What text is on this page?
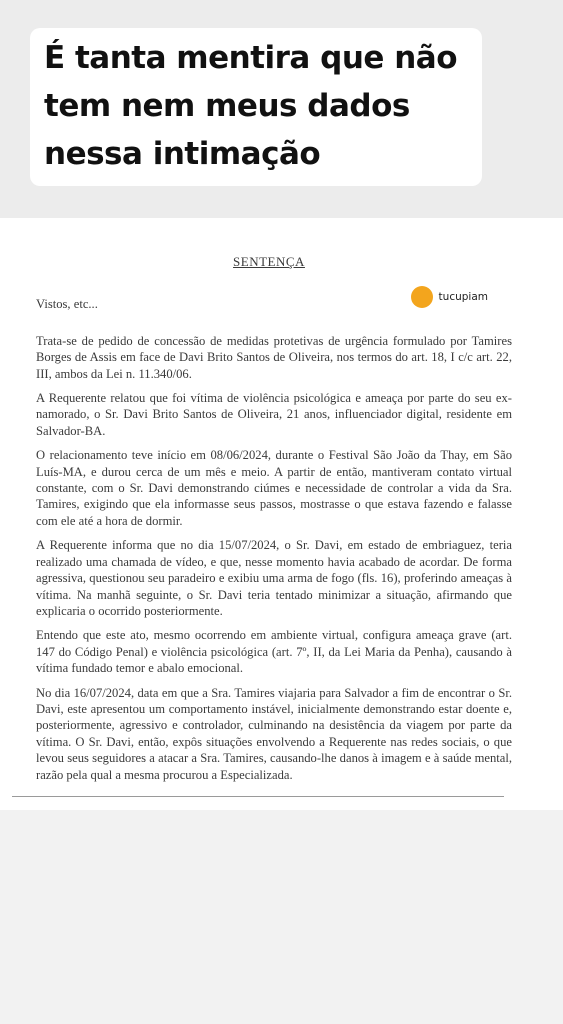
É tanta mentira que não
tem nem meus dados
nessa intimação
SENTENÇA
tucupiam
Vistos, etc...

Trata-se de pedido de concessão de medidas protetivas de urgência formulado por Tamires Borges de Assis em face de Davi Brito Santos de Oliveira, nos termos do art. 18, I c/c art. 22, III, ambos da Lei n. 11.340/06.

A Requerente relatou que foi vítima de violência psicológica e ameaça por parte do seu ex-namorado, o Sr. Davi Brito Santos de Oliveira, 21 anos, influenciador digital, residente em Salvador-BA.

O relacionamento teve início em 08/06/2024, durante o Festival São João da Thay, em São Luís-MA, e durou cerca de um mês e meio. A partir de então, mantiveram contato virtual constante, com o Sr. Davi demonstrando ciúmes e necessidade de controlar a vida da Sra. Tamires, exigindo que ela informasse seus passos, mostrasse o que estava fazendo e falasse com ele até a hora de dormir.

A Requerente informa que no dia 15/07/2024, o Sr. Davi, em estado de embriaguez, teria realizado uma chamada de vídeo, e que, nesse momento havia acabado de acordar. De forma agressiva, questionou seu paradeiro e exibiu uma arma de fogo (fls. 16), proferindo ameaças à vítima. Na manhã seguinte, o Sr. Davi teria tentado minimizar a situação, afirmando que explicaria o ocorrido posteriormente.

Entendo que este ato, mesmo ocorrendo em ambiente virtual, configura ameaça grave (art. 147 do Código Penal) e violência psicológica (art. 7º, II, da Lei Maria da Penha), causando à vítima fundado temor e abalo emocional.

No dia 16/07/2024, data em que a Sra. Tamires viajaria para Salvador a fim de encontrar o Sr. Davi, este apresentou um comportamento instável, inicialmente demonstrando estar doente e, posteriormente, agressivo e controlador, culminando na desistência da viagem por parte da vítima. O Sr. Davi, então, expôs situações envolvendo a Requerente nas redes sociais, o que levou seus seguidores a atacar a Sra. Tamires, causando-lhe danos à imagem e à saúde mental, razão pela qual a mesma procurou a Especializada.
